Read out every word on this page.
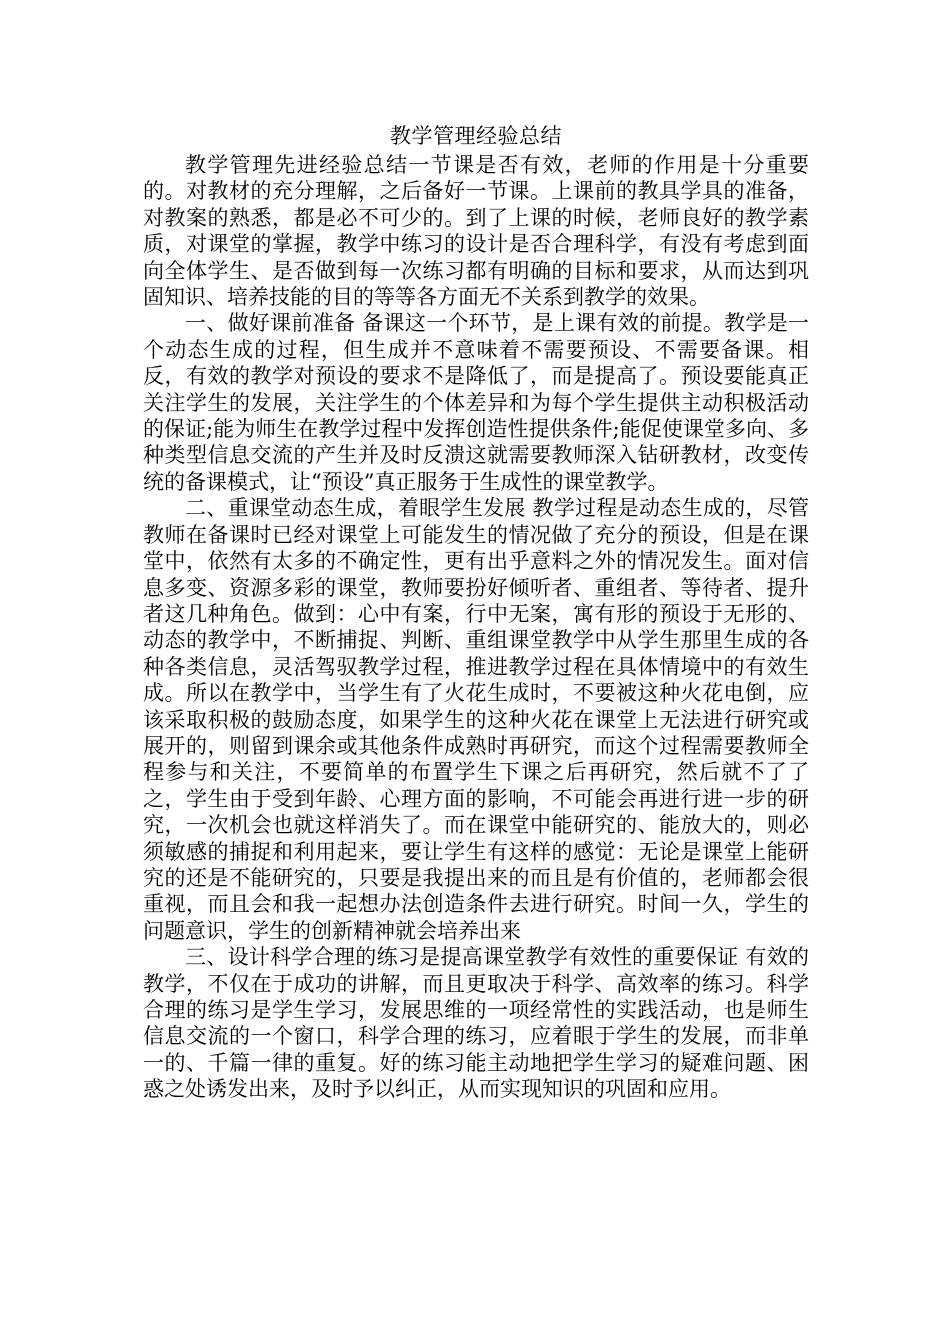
教学管理经验总结

教学管理先进经验总结一节课是否有效，老师的作用是十分重要的。对教材的充分理解，之后备好一节课。上课前的教具学具的准备，对教案的熟悉，都是必不可少的。到了上课的时候，老师良好的教学素质，对课堂的掌握，教学中练习的设计是否合理科学，有没有考虑到面向全体学生、是否做到每一次练习都有明确的目标和要求，从而达到巩固知识、培养技能的目的等等各方面无不关系到教学的效果。

一、做好课前准备 备课这一个环节，是上课有效的前提。教学是一个动态生成的过程，但生成并不意味着不需要预设、不需要备课。相反，有效的教学对预设的要求不是降低了，而是提高了。预设要能真正关注学生的发展，关注学生的个体差异和为每个学生提供主动积极活动的保证;能为师生在教学过程中发挥创造性提供条件;能促使课堂多向、多种类型信息交流的产生并及时反溃这就需要教师深入钻研教材，改变传统的备课模式，让“预设”真正服务于生成性的课堂教学。

二、重课堂动态生成，着眼学生发展 教学过程是动态生成的，尽管教师在备课时已经对课堂上可能发生的情况做了充分的预设，但是在课堂中，依然有太多的不确定性，更有出乎意料之外的情况发生。面对信息多变、资源多彩的课堂，教师要扮好倾听者、重组者、等待者、提升者这几种角色。做到：心中有案，行中无案，寓有形的预设于无形的、动态的教学中，不断捕捉、判断、重组课堂教学中从学生那里生成的各种各类信息，灵活驾驭教学过程，推进教学过程在具体情境中的有效生成。所以在教学中，当学生有了火花生成时，不要被这种火花电倒，应该采取积极的鼓励态度，如果学生的这种火花在课堂上无法进行研究或展开的，则留到课余或其他条件成熟时再研究，而这个过程需要教师全程参与和关注，不要简单的布置学生下课之后再研究，然后就不了了之，学生由于受到年龄、心理方面的影响，不可能会再进行进一步的研究，一次机会也就这样消失了。而在课堂中能研究的、能放大的，则必须敏感的捕捉和利用起来，要让学生有这样的感觉：无论是课堂上能研究的还是不能研究的，只要是我提出来的而且是有价值的，老师都会很重视，而且会和我一起想办法创造条件去进行研究。时间一久，学生的问题意识，学生的创新精神就会培养出来

三、设计科学合理的练习是提高课堂教学有效性的重要保证 有效的教学，不仅在于成功的讲解，而且更取决于科学、高效率的练习。科学合理的练习是学生学习，发展思维的一项经常性的实践活动，也是师生信息交流的一个窗口，科学合理的练习，应着眼于学生的发展，而非单一的、千篇一律的重复。好的练习能主动地把学生学习的疑难问题、困惑之处诱发出来，及时予以纠正，从而实现知识的巩固和应用。
